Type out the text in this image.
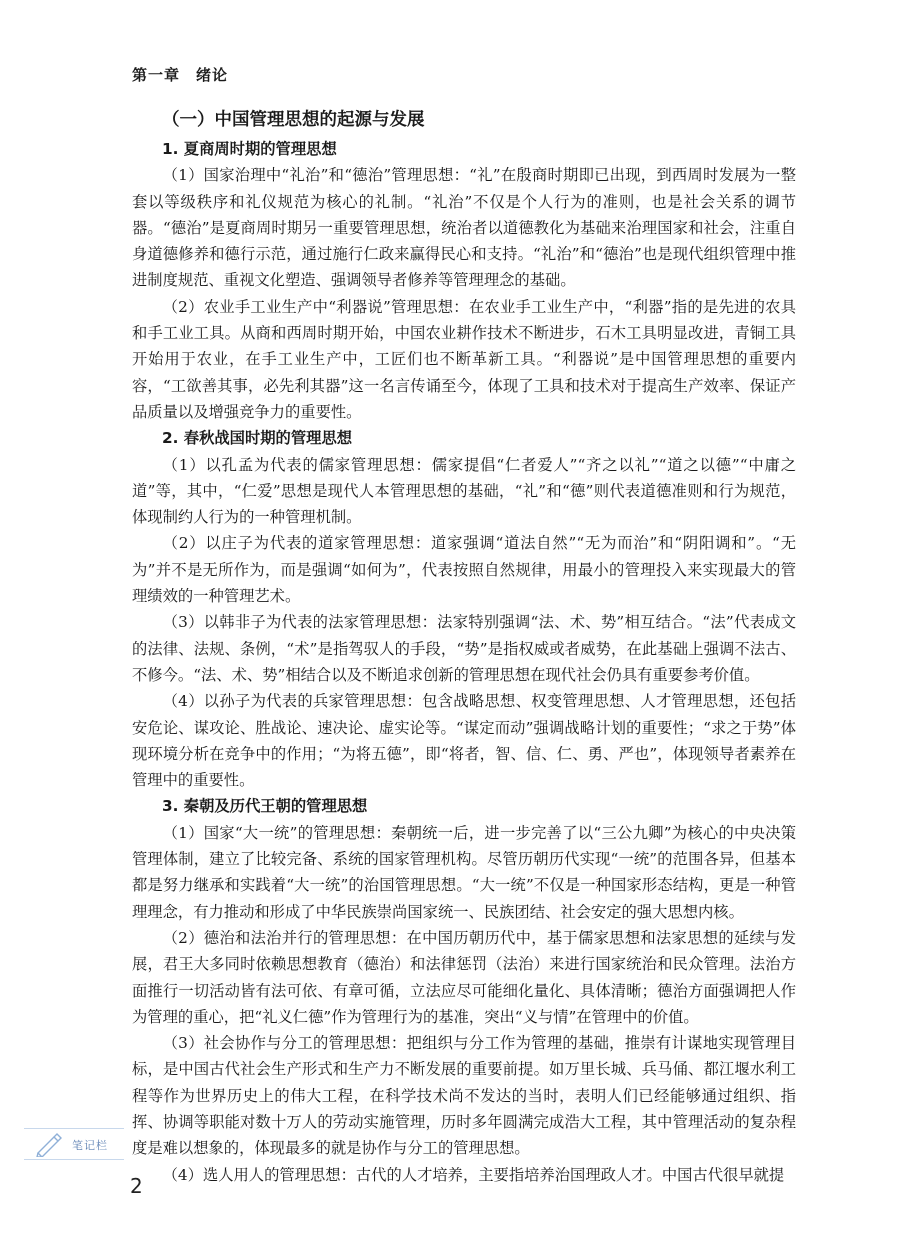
第一章　绪论
（一）中国管理思想的起源与发展
1. 夏商周时期的管理思想

（1）国家治理中“礼治”和“德治”管理思想：“礼”在殷商时期即已出现，到西周时发展为一整套以等级秩序和礼仪规范为核心的礼制。“礼治”不仅是个人行为的准则，也是社会关系的调节器。“德治”是夏商周时期另一重要管理思想，统治者以道德教化为基础来治理国家和社会，注重自身道德修养和德行示范，通过施行仁政来赢得民心和支持。“礼治”和“德治”也是现代组织管理中推进制度规范、重视文化塑造、强调领导者修养等管理理念的基础。

（2）农业手工业生产中“利器说”管理思想：在农业手工业生产中，“利器”指的是先进的农具和手工业工具。从商和西周时期开始，中国农业耕作技术不断进步，石木工具明显改进，青铜工具开始用于农业，在手工业生产中，工匠们也不断革新工具。“利器说”是中国管理思想的重要内容，“工欲善其事，必先利其器”这一名言传诵至今，体现了工具和技术对于提高生产效率、保证产品质量以及增强竞争力的重要性。

2. 春秋战国时期的管理思想

（1）以孔孟为代表的儒家管理思想：儒家提倡“仁者爱人”“齐之以礼”“道之以德”“中庸之道”等，其中，“仁爱”思想是现代人本管理思想的基础，“礼”和“德”则代表道德准则和行为规范，体现制约人行为的一种管理机制。

（2）以庄子为代表的道家管理思想：道家强调“道法自然”“无为而治”和“阴阳调和”。“无为”并不是无所作为，而是强调“如何为”，代表按照自然规律，用最小的管理投入来实现最大的管理绩效的一种管理艺术。

（3）以韩非子为代表的法家管理思想：法家特别强调“法、术、势”相互结合。“法”代表成文的法律、法规、条例，“术”是指驾驭人的手段，“势”是指权威或者威势，在此基础上强调不法古、不修今。“法、术、势”相结合以及不断追求创新的管理思想在现代社会仍具有重要参考价值。

（4）以孙子为代表的兵家管理思想：包含战略思想、权变管理思想、人才管理思想，还包括安危论、谋攻论、胜战论、速决论、虚实论等。“谋定而动”强调战略计划的重要性；“求之于势”体现环境分析在竞争中的作用；“为将五德”，即“将者，智、信、仁、勇、严也”，体现领导者素养在管理中的重要性。

3. 秦朝及历代王朝的管理思想

（1）国家“大一统”的管理思想：秦朝统一后，进一步完善了以“三公九卿”为核心的中央决策管理体制，建立了比较完备、系统的国家管理机构。尽管历朝历代实现“一统”的范围各异，但基本都是努力继承和实践着“大一统”的治国管理思想。“大一统”不仅是一种国家形态结构，更是一种管理理念，有力推动和形成了中华民族崇尚国家统一、民族团结、社会安定的强大思想内核。

（2）德治和法治并行的管理思想：在中国历朝历代中，基于儒家思想和法家思想的延续与发展，君王大多同时依赖思想教育（德治）和法律惩罚（法治）来进行国家统治和民众管理。法治方面推行一切活动皆有法可依、有章可循，立法应尽可能细化量化、具体清晰；德治方面强调把人作为管理的重心，把“礼义仁德”作为管理行为的基准，突出“义与情”在管理中的价值。

（3）社会协作与分工的管理思想：把组织与分工作为管理的基础，推崇有计谋地实现管理目标，是中国古代社会生产形式和生产力不断发展的重要前提。如万里长城、兵马俑、都江堰水利工程等作为世界历史上的伟大工程，在科学技术尚不发达的当时，表明人们已经能够通过组织、指挥、协调等职能对数十万人的劳动实施管理，历时多年圆满完成浩大工程，其中管理活动的复杂程度是难以想象的，体现最多的就是协作与分工的管理思想。

（4）选人用人的管理思想：古代的人才培养，主要指培养治国理政人才。中国古代很早就提

笔记栏
2
